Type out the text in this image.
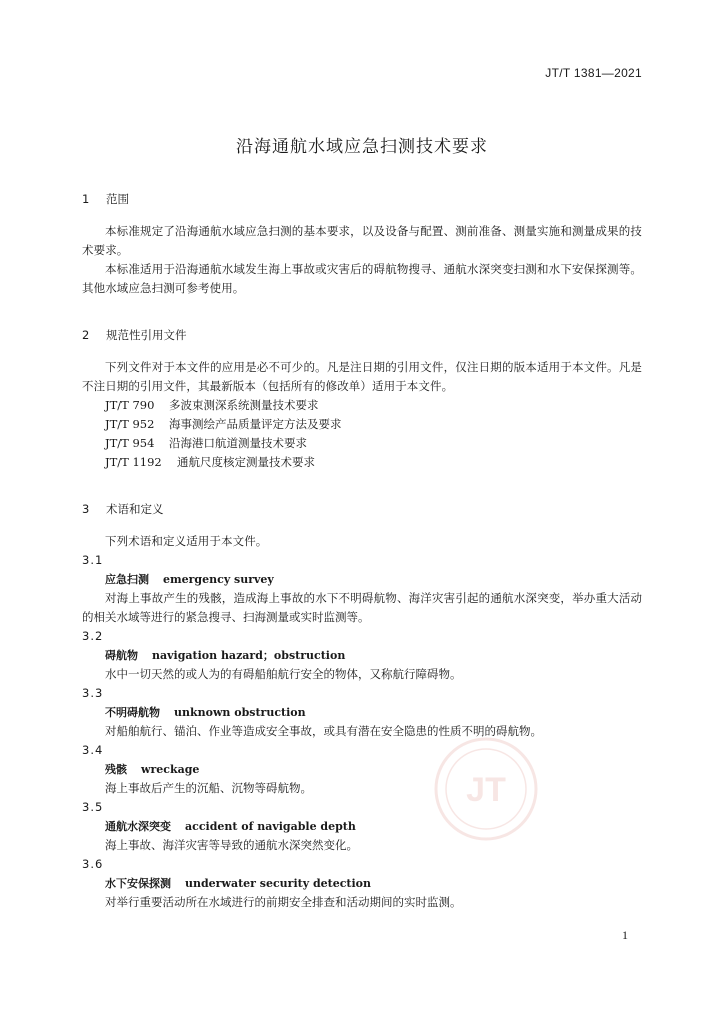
JT/T 1381—2021
沿海通航水域应急扫测技术要求
JT
1 范围

本标准规定了沿海通航水域应急扫测的基本要求，以及设备与配置、测前准备、测量实施和测量成果的技术要求。

本标准适用于沿海通航水域发生海上事故或灾害后的碍航物搜寻、通航水深突变扫测和水下安保探测等。其他水域应急扫测可参考使用。

2 规范性引用文件

下列文件对于本文件的应用是必不可少的。凡是注日期的引用文件，仅注日期的版本适用于本文件。凡是不注日期的引用文件，其最新版本（包括所有的修改单）适用于本文件。

JT/T 790 多波束测深系统测量技术要求

JT/T 952 海事测绘产品质量评定方法及要求

JT/T 954 沿海港口航道测量技术要求

JT/T 1192 通航尺度核定测量技术要求

3 术语和定义

下列术语和定义适用于本文件。

3.1

应急扫测 emergency survey

对海上事故产生的残骸，造成海上事故的水下不明碍航物、海洋灾害引起的通航水深突变，举办重大活动的相关水域等进行的紧急搜寻、扫海测量或实时监测等。

3.2

碍航物 navigation hazard；obstruction

水中一切天然的或人为的有碍船舶航行安全的物体，又称航行障碍物。

3.3

不明碍航物 unknown obstruction

对船舶航行、锚泊、作业等造成安全事故，或具有潜在安全隐患的性质不明的碍航物。

3.4

残骸 wreckage

海上事故后产生的沉船、沉物等碍航物。

3.5

通航水深突变 accident of navigable depth

海上事故、海洋灾害等导致的通航水深突然变化。

3.6

水下安保探测 underwater security detection

对举行重要活动所在水域进行的前期安全排查和活动期间的实时监测。

1
